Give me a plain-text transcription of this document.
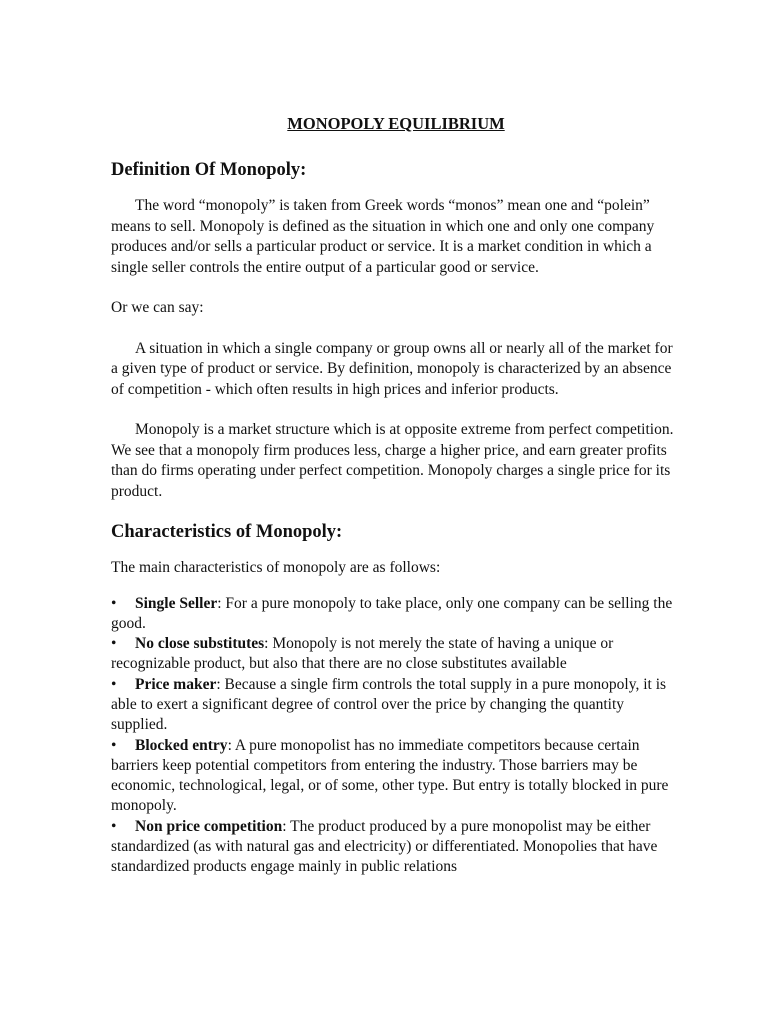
MONOPOLY EQUILIBRIUM
Definition Of Monopoly:

The word “monopoly” is taken from Greek words “monos” mean one and “polein” means to sell. Monopoly is defined as the situation in which one and only one company produces and/or sells a particular product or service. It is a market condition in which a single seller controls the entire output of a particular good or service.

Or we can say:

A situation in which a single company or group owns all or nearly all of the market for a given type of product or service. By definition, monopoly is characterized by an absence of competition - which often results in high prices and inferior products.

Monopoly is a market structure which is at opposite extreme from perfect competition. We see that a monopoly firm produces less, charge a higher price, and earn greater profits than do firms operating under perfect competition. Monopoly charges a single price for its product.

Characteristics of Monopoly:

The main characteristics of monopoly are as follows:

• Single Seller: For a pure monopoly to take place, only one company can be selling the good.
• No close substitutes: Monopoly is not merely the state of having a unique or recognizable product, but also that there are no close substitutes available
• Price maker: Because a single firm controls the total supply in a pure monopoly, it is able to exert a significant degree of control over the price by changing the quantity supplied.
• Blocked entry: A pure monopolist has no immediate competitors because certain barriers keep potential competitors from entering the industry. Those barriers may be economic, technological, legal, or of some, other type. But entry is totally blocked in pure monopoly.
• Non price competition: The product produced by a pure monopolist may be either standardized (as with natural gas and electricity) or differentiated. Monopolies that have standardized products engage mainly in public relations
